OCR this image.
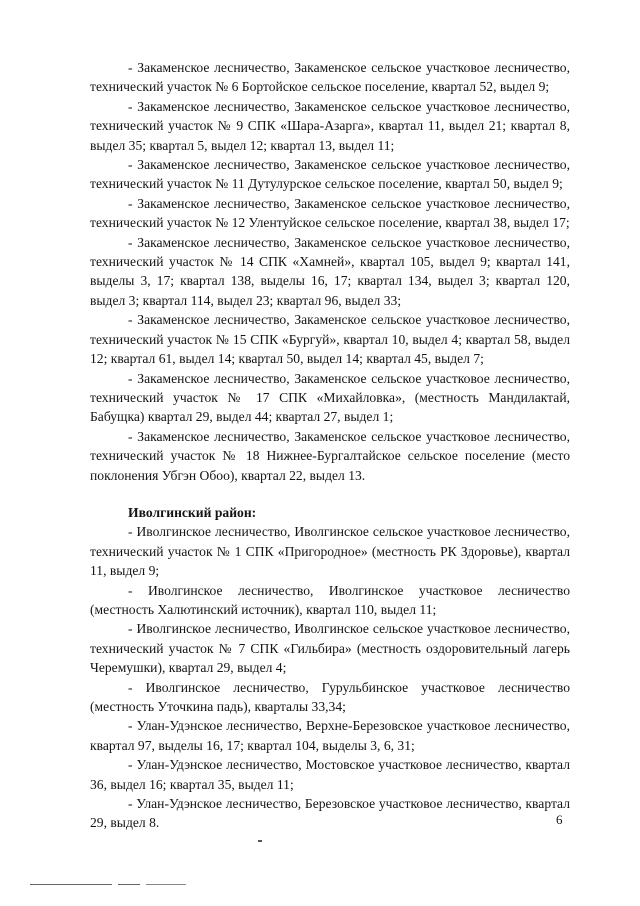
- Закаменское лесничество, Закаменское сельское участковое лесничество, технический участок № 6 Бортойское сельское поселение, квартал 52, выдел 9;

- Закаменское лесничество, Закаменское сельское участковое лесничество, технический участок № 9 СПК «Шара-Азарга», квартал 11, выдел 21; квартал 8, выдел 35; квартал 5, выдел 12; квартал 13, выдел 11;

- Закаменское лесничество, Закаменское сельское участковое лесничество, технический участок № 11 Дутулурское сельское поселение, квартал 50, выдел 9;

- Закаменское лесничество, Закаменское сельское участковое лесничество, технический участок № 12 Улентуйское сельское поселение, квартал 38, выдел 17;

- Закаменское лесничество, Закаменское сельское участковое лесничество, технический участок № 14 СПК «Хамней», квартал 105, выдел 9; квартал 141, выделы 3, 17; квартал 138, выделы 16, 17; квартал 134, выдел 3; квартал 120, выдел 3; квартал 114, выдел 23; квартал 96, выдел 33;

- Закаменское лесничество, Закаменское сельское участковое лесничество, технический участок № 15 СПК «Бургуй», квартал 10, выдел 4; квартал 58, выдел 12; квартал 61, выдел 14; квартал 50, выдел 14; квартал 45, выдел 7;

- Закаменское лесничество, Закаменское сельское участковое лесничество, технический участок № 17 СПК «Михайловка», (местность Мандилактай, Бабущка) квартал 29, выдел 44; квартал 27, выдел 1;

- Закаменское лесничество, Закаменское сельское участковое лесничество, технический участок № 18 Нижнее-Бургалтайское сельское поселение (место поклонения Убгэн Обоо), квартал 22, выдел 13.

Иволгинский район:

- Иволгинское лесничество, Иволгинское сельское участковое лесничество, технический участок № 1 СПК «Пригородное» (местность РК Здоровье), квартал 11, выдел 9;

- Иволгинское лесничество, Иволгинское участковое лесничество (местность Халютинский источник), квартал 110, выдел 11;

- Иволгинское лесничество, Иволгинское сельское участковое лесничество, технический участок № 7 СПК «Гильбира» (местность оздоровительный лагерь Черемушки), квартал 29, выдел 4;

- Иволгинское лесничество, Гурульбинское участковое лесничество (местность Уточкина падь), кварталы 33,34;

- Улан-Удэнское лесничество, Верхне-Березовское участковое лесничество, квартал 97, выделы 16, 17; квартал 104, выделы 3, 6, 31;

- Улан-Удэнское лесничество, Мостовское участковое лесничество, квартал 36, выдел 16; квартал 35, выдел 11;

- Улан-Удэнское лесничество, Березовское участковое лесничество, квартал 29, выдел 8.	6
